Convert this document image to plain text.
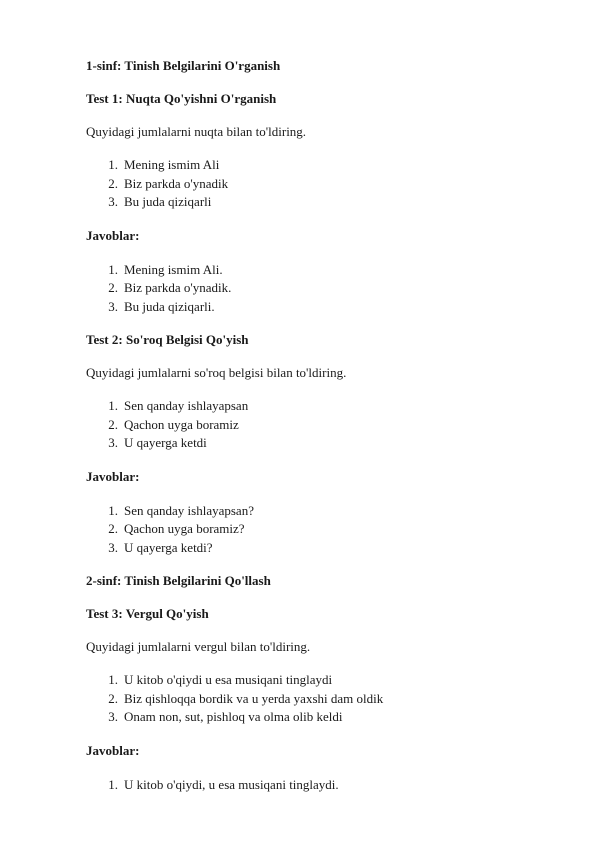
1-sinf: Tinish Belgilarini O'rganish
Test 1: Nuqta Qo'yishni O'rganish
Quyidagi jumlalarni nuqta bilan to'ldiring.
1. Mening ismim Ali
2. Biz parkda o'ynadik
3. Bu juda qiziqarli
Javoblar:
1. Mening ismim Ali.
2. Biz parkda o'ynadik.
3. Bu juda qiziqarli.
Test 2: So'roq Belgisi Qo'yish
Quyidagi jumlalarni so'roq belgisi bilan to'ldiring.
1. Sen qanday ishlayapsan
2. Qachon uyga boramiz
3. U qayerga ketdi
Javoblar:
1. Sen qanday ishlayapsan?
2. Qachon uyga boramiz?
3. U qayerga ketdi?
2-sinf: Tinish Belgilarini Qo'llash
Test 3: Vergul Qo'yish
Quyidagi jumlalarni vergul bilan to'ldiring.
1. U kitob o'qiydi u esa musiqani tinglaydi
2. Biz qishloqqa bordik va u yerda yaxshi dam oldik
3. Onam non, sut, pishloq va olma olib keldi
Javoblar:
1. U kitob o'qiydi, u esa musiqani tinglaydi.
